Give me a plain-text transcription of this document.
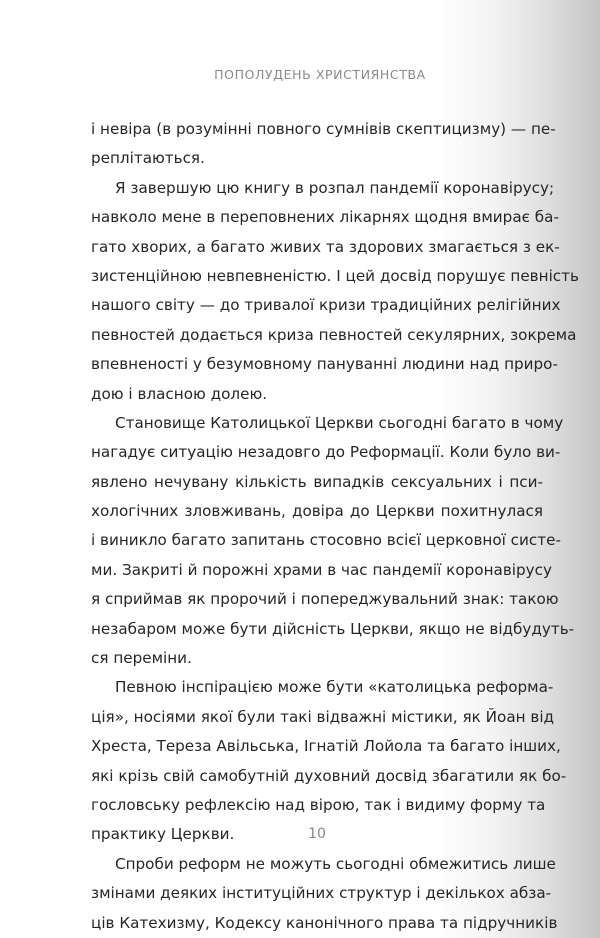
ПОПОЛУДЕНЬ ХРИСТИЯНСТВА
і невіра (в розумінні повного сумнівів скептицизму) — пе-
реплітаються.
Я завершую цю книгу в розпал пандемії коронавірусу;
навколо мене в переповнених лікарнях щодня вмирає ба-
гато хворих, а багато живих та здорових змагається з ек-
зистенційною невпевненістю. І цей досвід порушує певність
нашого світу — до тривалої кризи традиційних релігійних
певностей додається криза певностей секулярних, зокрема
впевненості у безумовному пануванні людини над приро-
дою і власною долею.
Становище Католицької Церкви сьогодні багато в чому
нагадує ситуацію незадовго до Реформації. Коли було ви-
явлено нечувану кількість випадків сексуальних і пси-
хологічних зловживань, довіра до Церкви похитнулася
і виникло багато запитань стосовно всієї церковної систе-
ми. Закриті й порожні храми в час пандемії коронавірусу
я сприймав як пророчий і попереджувальний знак: такою
незабаром може бути дійсність Церкви, якщо не відбудуть-
ся переміни.
Певною інспірацією може бути «католицька реформа-
ція», носіями якої були такі відважні містики, як Йоан від
Хреста, Тереза Авільська, Ігнатій Лойола та багато інших,
які крізь свій самобутній духовний досвід збагатили як бо-
гословську рефлексію над вірою, так і видиму форму та
практику Церкви.
Спроби реформ не можуть сьогодні обмежитись лише
змінами деяких інституційних структур і декількох абза-
ців Катехизму, Кодексу канонічного права та підручників
10
